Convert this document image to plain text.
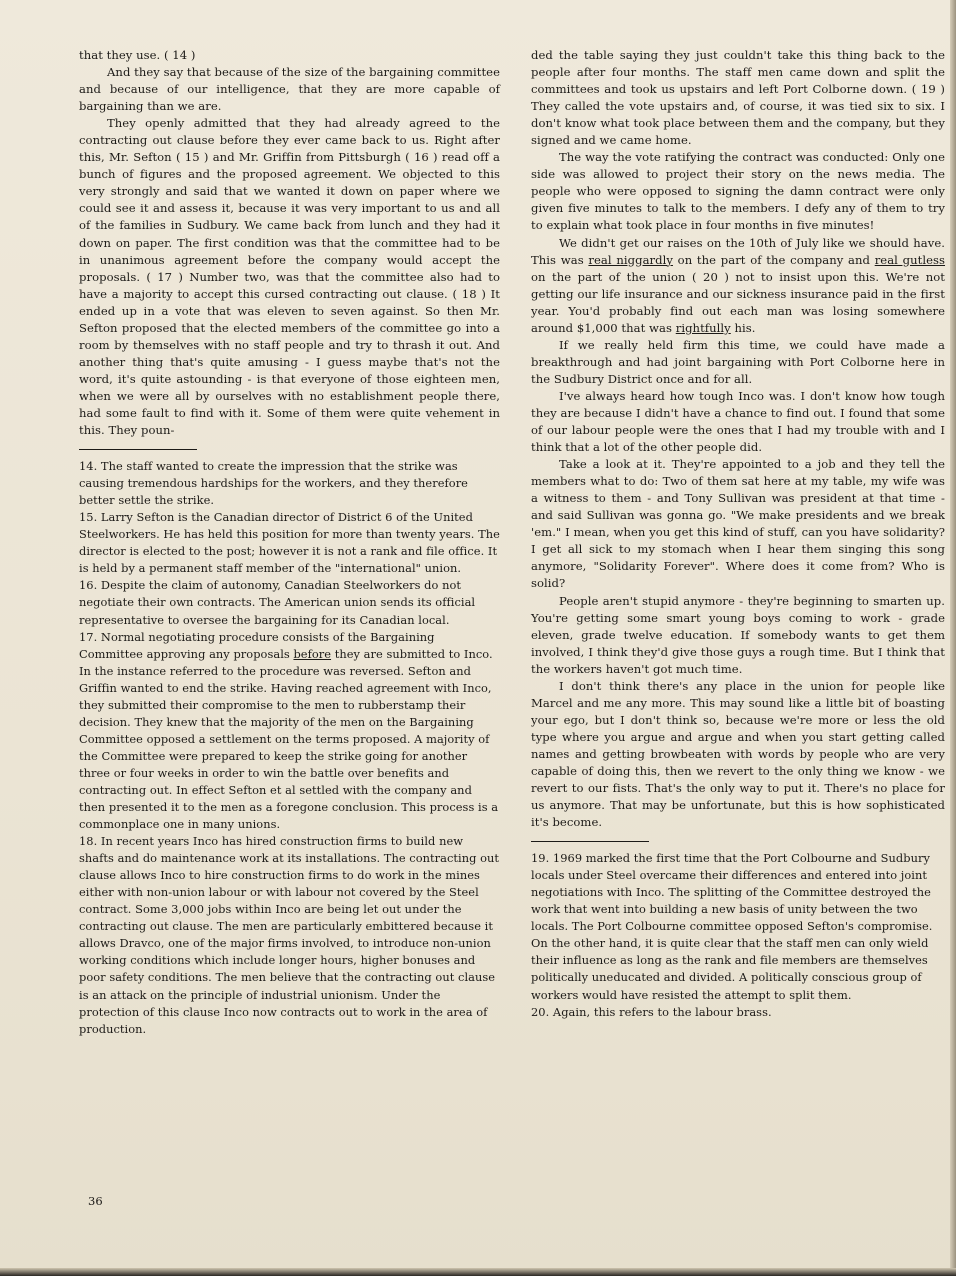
that they use. ( 14 )

And they say that because of the size of the bargaining committee and because of our intelligence, that they are more capable of bargaining than we are.

They openly admitted that they had already agreed to the contracting out clause before they ever came back to us. Right after this, Mr. Sefton ( 15 ) and Mr. Griffin from Pittsburgh ( 16 ) read off a bunch of figures and the proposed agreement. We objected to this very strongly and said that we wanted it down on paper where we could see it and assess it, because it was very important to us and all of the families in Sudbury. We came back from lunch and they had it down on paper. The first condition was that the committee had to be in unanimous agreement before the company would accept the proposals. ( 17 ) Number two, was that the committee also had to have a majority to accept this cursed contracting out clause. ( 18 ) It ended up in a vote that was eleven to seven against. So then Mr. Sefton proposed that the elected members of the committee go into a room by themselves with no staff people and try to thrash it out. And another thing that's quite amusing - I guess maybe that's not the word, it's quite astounding - is that everyone of those eighteen men, when we were all by ourselves with no establishment people there, had some fault to find with it. Some of them were quite vehement in this. They poun-

14. The staff wanted to create the impression that the strike was causing tremendous hardships for the workers, and they therefore better settle the strike.

15. Larry Sefton is the Canadian director of District 6 of the United Steelworkers. He has held this position for more than twenty years. The director is elected to the post; however it is not a rank and file office. It is held by a permanent staff member of the "international" union.

16. Despite the claim of autonomy, Canadian Steelworkers do not negotiate their own contracts. The American union sends its official representative to oversee the bargaining for its Canadian local.

17. Normal negotiating procedure consists of the Bargaining Committee approving any proposals before they are submitted to Inco. In the instance referred to the procedure was reversed. Sefton and Griffin wanted to end the strike. Having reached agreement with Inco, they submitted their compromise to the men to rubberstamp their decision. They knew that the majority of the men on the Bargaining Committee opposed a settlement on the terms proposed. A majority of the Committee were prepared to keep the strike going for another three or four weeks in order to win the battle over benefits and contracting out. In effect Sefton et al settled with the company and then presented it to the men as a foregone conclusion. This process is a commonplace one in many unions.

18. In recent years Inco has hired construction firms to build new shafts and do maintenance work at its installations. The contracting out clause allows Inco to hire construction firms to do work in the mines either with non-union labour or with labour not covered by the Steel contract. Some 3,000 jobs within Inco are being let out under the contracting out clause. The men are particularly embittered because it allows Dravco, one of the major firms involved, to introduce non-union working conditions which include longer hours, higher bonuses and poor safety conditions. The men believe that the contracting out clause is an attack on the principle of industrial unionism. Under the protection of this clause Inco now contracts out to work in the area of production.

ded the table saying they just couldn't take this thing back to the people after four months. The staff men came down and split the committees and took us upstairs and left Port Colborne down. ( 19 ) They called the vote upstairs and, of course, it was tied six to six. I don't know what took place between them and the company, but they signed and we came home.

The way the vote ratifying the contract was conducted: Only one side was allowed to project their story on the news media. The people who were opposed to signing the damn contract were only given five minutes to talk to the members. I defy any of them to try to explain what took place in four months in five minutes!

We didn't get our raises on the 10th of July like we should have. This was real niggardly on the part of the company and real gutless on the part of the union ( 20 ) not to insist upon this. We're not getting our life insurance and our sickness insurance paid in the first year. You'd probably find out each man was losing somewhere around $1,000 that was rightfully his.

If we really held firm this time, we could have made a breakthrough and had joint bargaining with Port Colborne here in the Sudbury District once and for all.

I've always heard how tough Inco was. I don't know how tough they are because I didn't have a chance to find out. I found that some of our labour people were the ones that I had my trouble with and I think that a lot of the other people did.

Take a look at it. They're appointed to a job and they tell the members what to do: Two of them sat here at my table, my wife was a witness to them - and Tony Sullivan was president at that time - and said Sullivan was gonna go. "We make presidents and we break 'em." I mean, when you get this kind of stuff, can you have solidarity? I get all sick to my stomach when I hear them singing this song anymore, "Solidarity Forever". Where does it come from? Who is solid?

People aren't stupid anymore - they're beginning to smarten up. You're getting some smart young boys coming to work - grade eleven, grade twelve education. If somebody wants to get them involved, I think they'd give those guys a rough time. But I think that the workers haven't got much time.

I don't think there's any place in the union for people like Marcel and me any more. This may sound like a little bit of boasting your ego, but I don't think so, because we're more or less the old type where you argue and argue and when you start getting called names and getting browbeaten with words by people who are very capable of doing this, then we revert to the only thing we know - we revert to our fists. That's the only way to put it. There's no place for us anymore. That may be unfortunate, but this is how sophisticated it's become.

19. 1969 marked the first time that the Port Colbourne and Sudbury locals under Steel overcame their differences and entered into joint negotiations with Inco. The splitting of the Committee destroyed the work that went into building a new basis of unity between the two locals. The Port Colbourne committee opposed Sefton's compromise. On the other hand, it is quite clear that the staff men can only wield their influence as long as the rank and file members are themselves politically uneducated and divided. A politically conscious group of workers would have resisted the attempt to split them.

20. Again, this refers to the labour brass.

36
